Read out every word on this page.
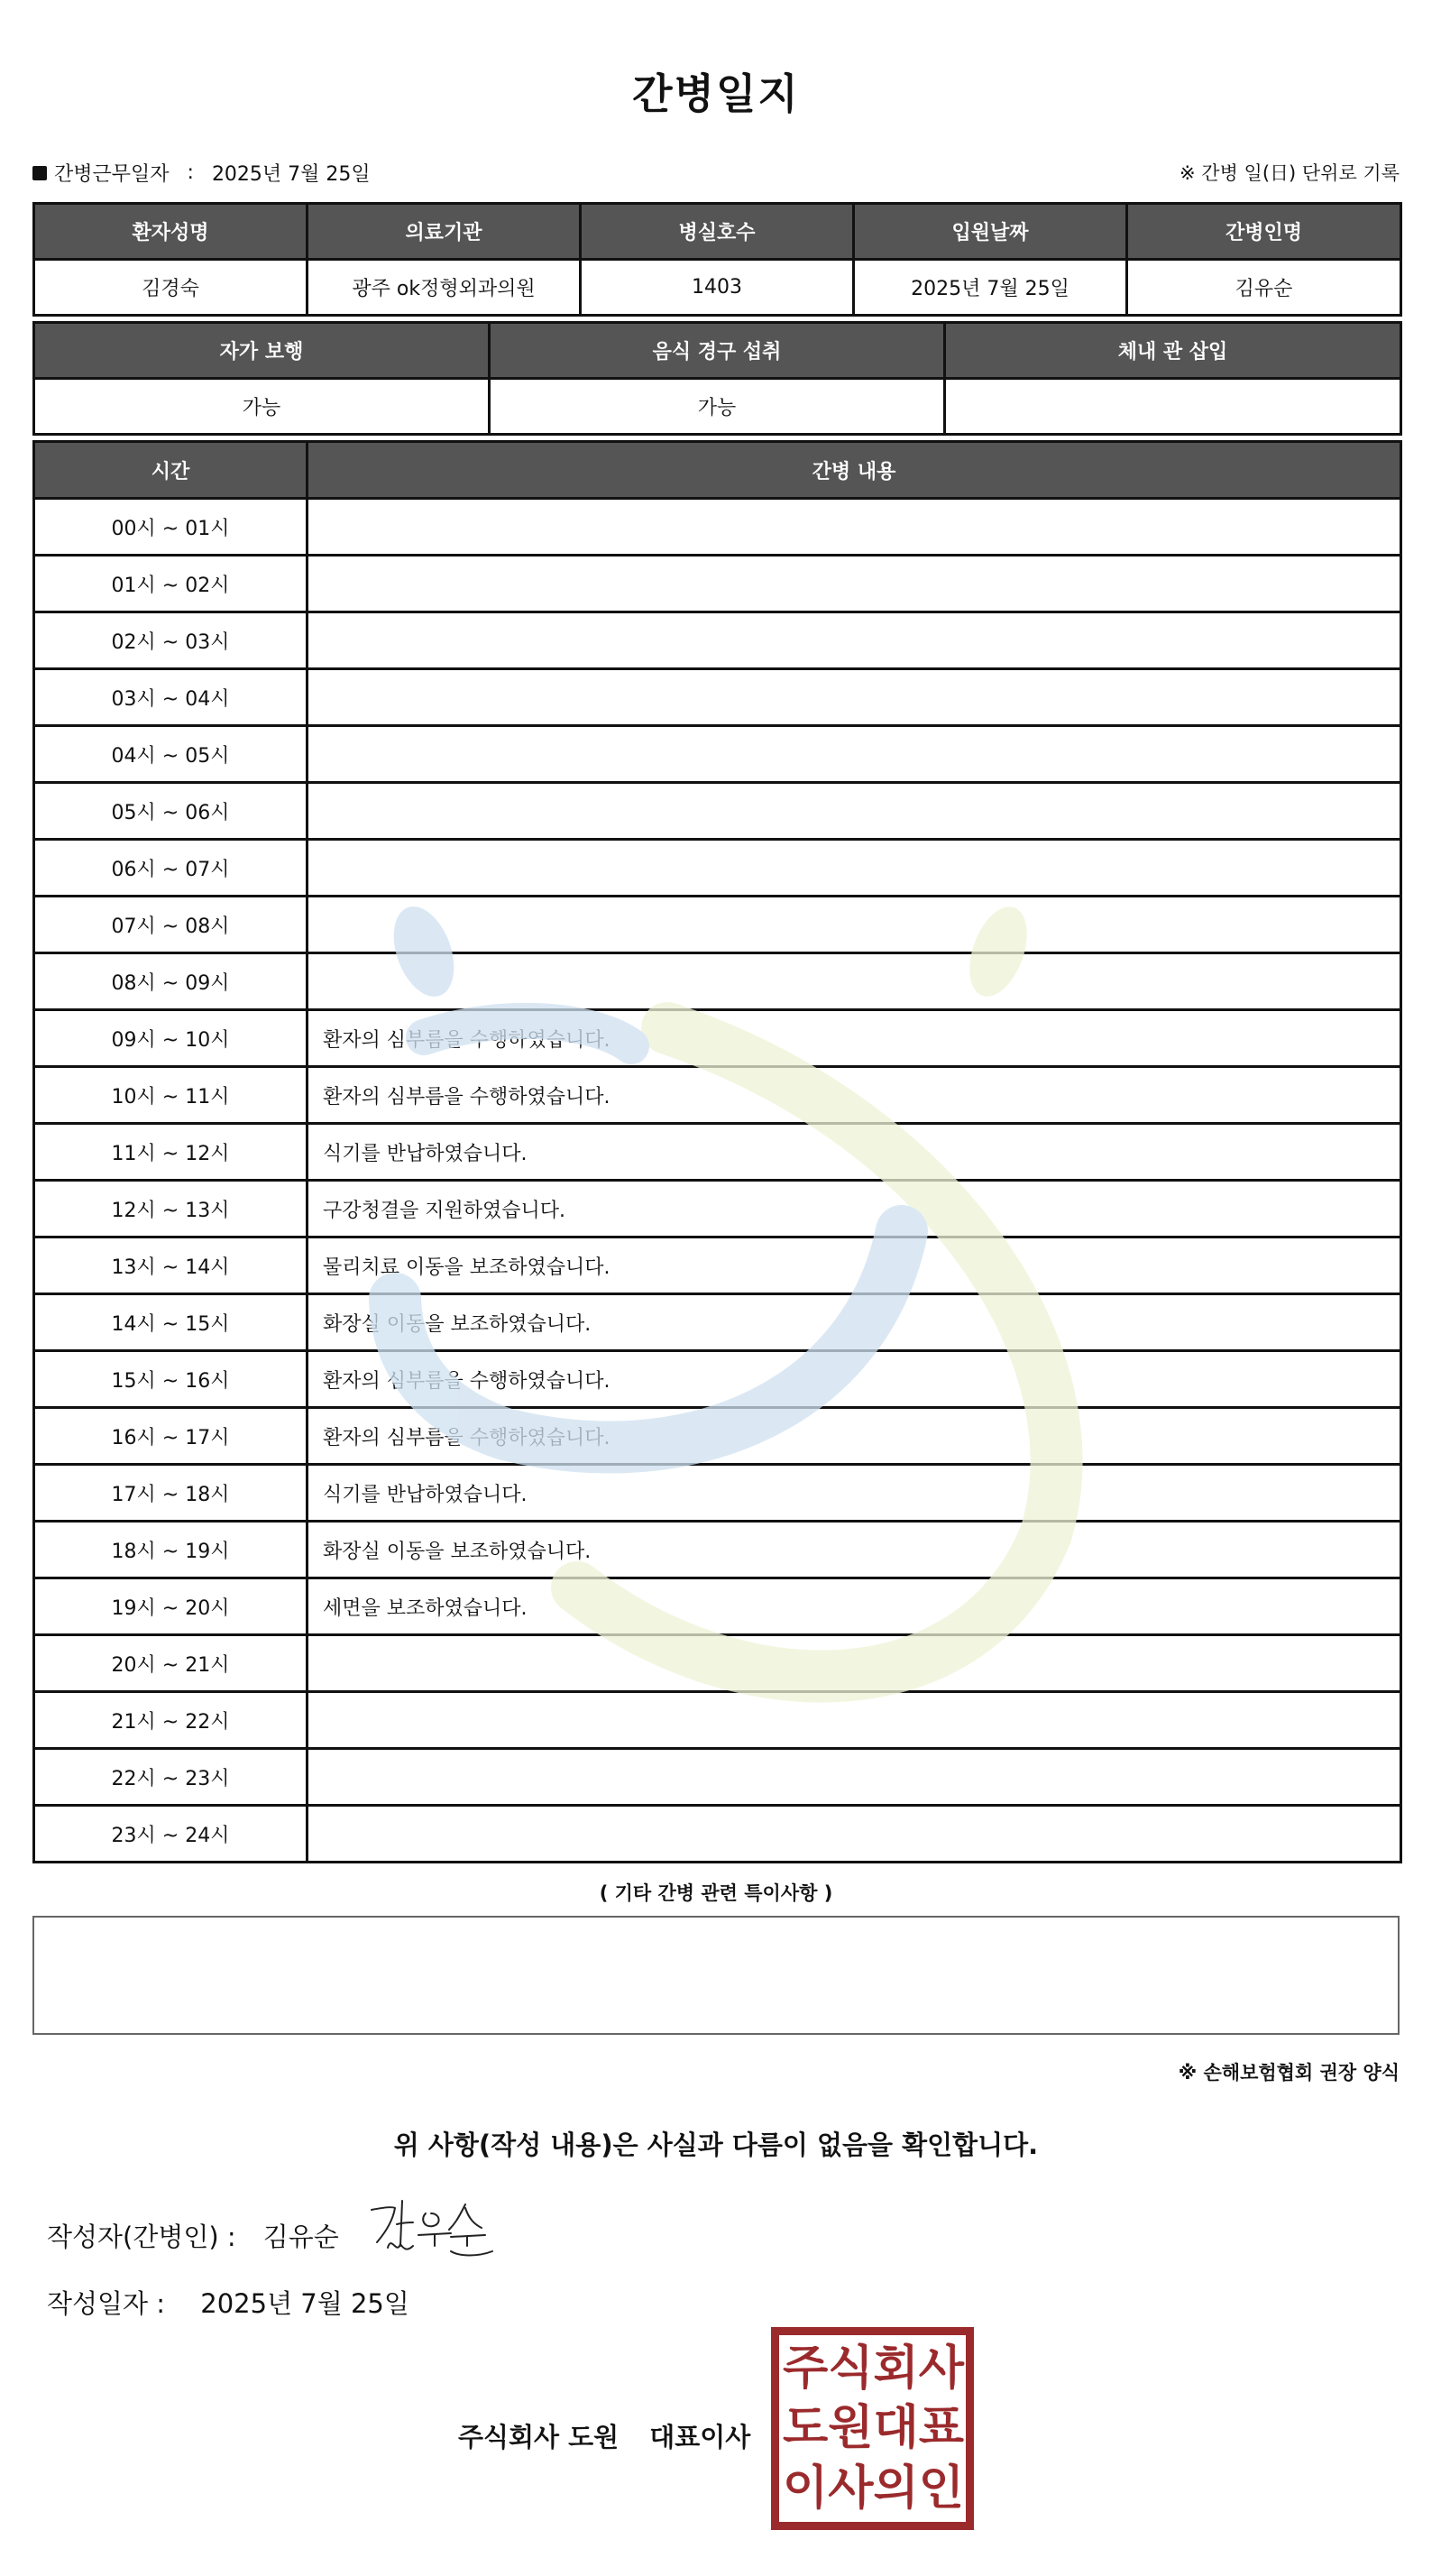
간병일지
간병근무일자 : 2025년 7월 25일	※ 간병 일(日) 단위로 기록
환자성명	의료기관	병실호수	입원날짜	간병인명
김경숙	광주 ok정형외과의원	1403	2025년 7월 25일	김유순
자가 보행	음식 경구 섭취	체내 관 삽입
가능	가능	
시간	간병 내용
00시 ~ 01시	
01시 ~ 02시	
02시 ~ 03시	
03시 ~ 04시	
04시 ~ 05시	
05시 ~ 06시	
06시 ~ 07시	
07시 ~ 08시	
08시 ~ 09시	
09시 ~ 10시	환자의 심부름을 수행하였습니다.
10시 ~ 11시	환자의 심부름을 수행하였습니다.
11시 ~ 12시	식기를 반납하였습니다.
12시 ~ 13시	구강청결을 지원하였습니다.
13시 ~ 14시	물리치료 이동을 보조하였습니다.
14시 ~ 15시	화장실 이동을 보조하였습니다.
15시 ~ 16시	환자의 심부름을 수행하였습니다.
16시 ~ 17시	환자의 심부름을 수행하였습니다.
17시 ~ 18시	식기를 반납하였습니다.
18시 ~ 19시	화장실 이동을 보조하였습니다.
19시 ~ 20시	세면을 보조하였습니다.
20시 ~ 21시	
21시 ~ 22시	
22시 ~ 23시	
23시 ~ 24시	
( 기타 간병 관련 특이사항 )
※ 손해보험협회 권장 양식
위 사항(작성 내용)은 사실과 다름이 없음을 확인합니다.
작성자(간병인) : 김유순
작성일자 : 2025년 7월 25일
주식회사 도원 대표이사
주 식 회 사
도 원 대 표
이 사 의 인
